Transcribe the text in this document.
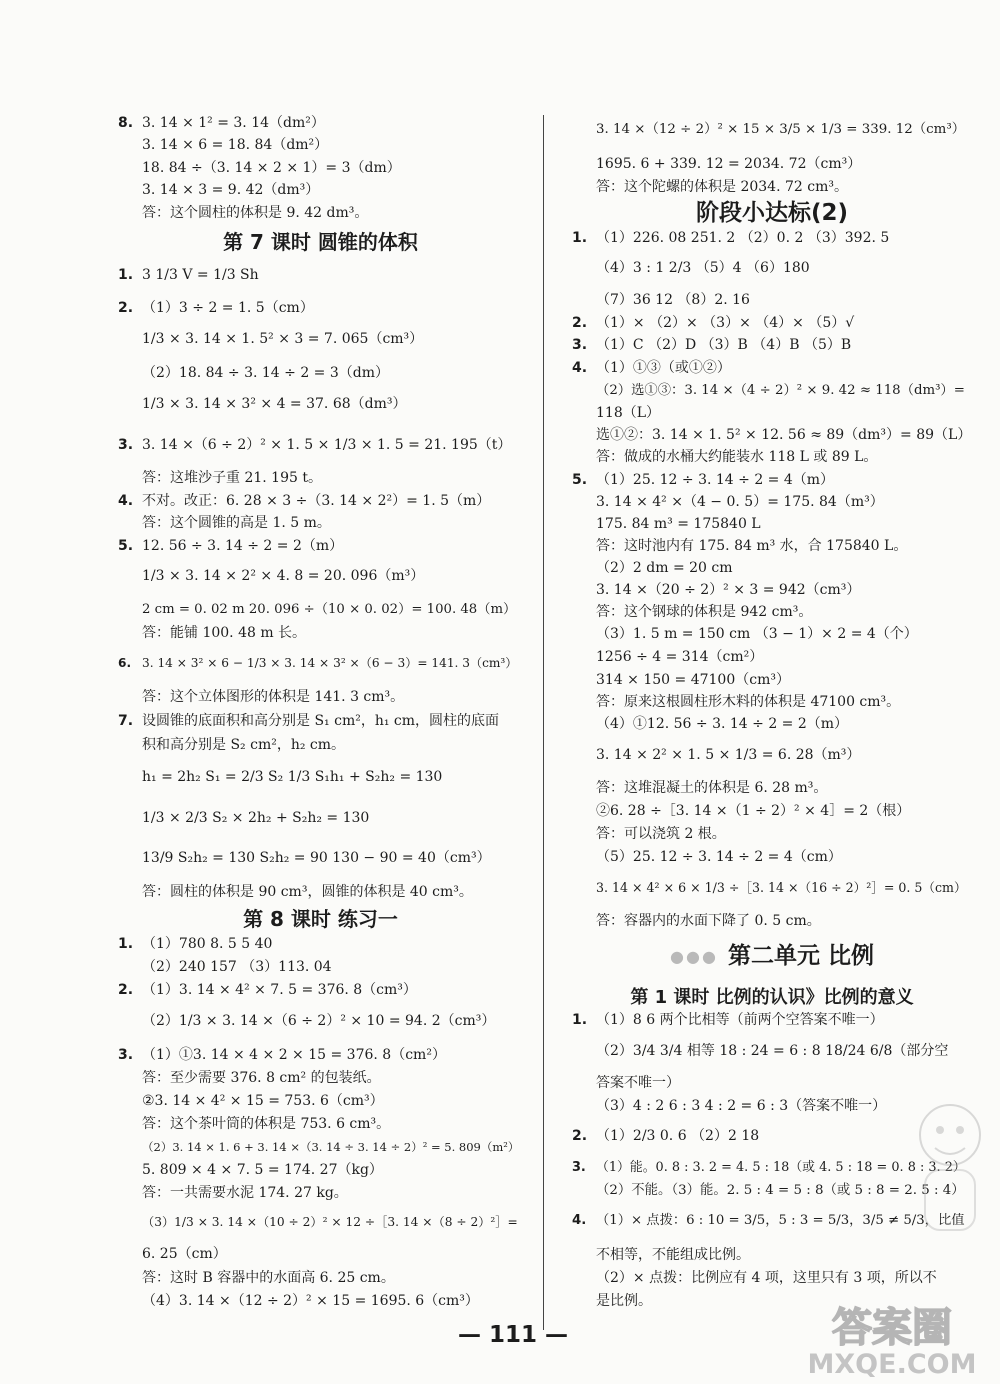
8. 3. 14 × 1² = 3. 14（dm²）
3. 14 × 6 = 18. 84（dm²）
18. 84 ÷（3. 14 × 2 × 1）= 3（dm）
3. 14 × 3 = 9. 42（dm³）
答：这个圆柱的体积是 9. 42 dm³。
第 7 课时 圆锥的体积
1. 3 1/3 V = 1/3 Sh
2. （1）3 ÷ 2 = 1. 5（cm）
1/3 × 3. 14 × 1. 5² × 3 = 7. 065（cm³）
（2）18. 84 ÷ 3. 14 ÷ 2 = 3（dm）
1/3 × 3. 14 × 3² × 4 = 37. 68（dm³）
3. 3. 14 ×（6 ÷ 2）² × 1. 5 × 1/3 × 1. 5 = 21. 195（t）
答：这堆沙子重 21. 195 t。
4. 不对。改正：6. 28 × 3 ÷（3. 14 × 2²）= 1. 5（m）
答：这个圆锥的高是 1. 5 m。
5. 12. 56 ÷ 3. 14 ÷ 2 = 2（m）
1/3 × 3. 14 × 2² × 4. 8 = 20. 096（m³）
2 cm = 0. 02 m 20. 096 ÷（10 × 0. 02）= 100. 48（m）
答：能铺 100. 48 m 长。
6. 3. 14 × 3² × 6 − 1/3 × 3. 14 × 3² ×（6 − 3）= 141. 3（cm³）
答：这个立体图形的体积是 141. 3 cm³。
7. 设圆锥的底面积和高分别是 S₁ cm²，h₁ cm，圆柱的底面
积和高分别是 S₂ cm²，h₂ cm。
h₁ = 2h₂ S₁ = 2/3 S₂ 1/3 S₁h₁ + S₂h₂ = 130
1/3 × 2/3 S₂ × 2h₂ + S₂h₂ = 130
13/9 S₂h₂ = 130 S₂h₂ = 90 130 − 90 = 40（cm³）
答：圆柱的体积是 90 cm³，圆锥的体积是 40 cm³。
第 8 课时 练习一
1. （1）780 8. 5 5 40
（2）240 157 （3）113. 04
2. （1）3. 14 × 4² × 7. 5 = 376. 8（cm³）
（2）1/3 × 3. 14 ×（6 ÷ 2）² × 10 = 94. 2（cm³）
3. （1）①3. 14 × 4 × 2 × 15 = 376. 8（cm²）
答：至少需要 376. 8 cm² 的包装纸。
②3. 14 × 4² × 15 = 753. 6（cm³）
答：这个茶叶筒的体积是 753. 6 cm³。
（2）3. 14 × 1. 6 + 3. 14 ×（3. 14 ÷ 3. 14 ÷ 2）² = 5. 809（m²）
5. 809 × 4 × 7. 5 = 174. 27（kg）
答：一共需要水泥 174. 27 kg。
（3）1/3 × 3. 14 ×（10 ÷ 2）² × 12 ÷［3. 14 ×（8 ÷ 2）²］=
6. 25（cm）
答：这时 B 容器中的水面高 6. 25 cm。
（4）3. 14 ×（12 ÷ 2）² × 15 = 1695. 6（cm³）
3. 14 ×（12 ÷ 2）² × 15 × 3/5 × 1/3 = 339. 12（cm³）
1695. 6 + 339. 12 = 2034. 72（cm³）
答：这个陀螺的体积是 2034. 72 cm³。
阶段小达标(2)
1. （1）226. 08 251. 2 （2）0. 2 （3）392. 5
（4）3 : 1 2/3 （5）4 （6）180
（7）36 12 （8）2. 16
2. （1）× （2）× （3）× （4）× （5）√
3. （1）C （2）D （3）B （4）B （5）B
4. （1）①③（或①②）
（2）选①③：3. 14 ×（4 ÷ 2）² × 9. 42 ≈ 118（dm³）=
118（L）
选①②：3. 14 × 1. 5² × 12. 56 ≈ 89（dm³）= 89（L）
答：做成的水桶大约能装水 118 L 或 89 L。
5. （1）25. 12 ÷ 3. 14 ÷ 2 = 4（m）
3. 14 × 4² ×（4 − 0. 5）= 175. 84（m³）
175. 84 m³ = 175840 L
答：这时池内有 175. 84 m³ 水，合 175840 L。
（2）2 dm = 20 cm
3. 14 ×（20 ÷ 2）² × 3 = 942（cm³）
答：这个钢球的体积是 942 cm³。
（3）1. 5 m = 150 cm （3 − 1）× 2 = 4（个）
1256 ÷ 4 = 314（cm²）
314 × 150 = 47100（cm³）
答：原来这根圆柱形木料的体积是 47100 cm³。
（4）①12. 56 ÷ 3. 14 ÷ 2 = 2（m）
3. 14 × 2² × 1. 5 × 1/3 = 6. 28（m³）
答：这堆混凝土的体积是 6. 28 m³。
②6. 28 ÷［3. 14 ×（1 ÷ 2）² × 4］= 2（根）
答：可以浇筑 2 根。
（5）25. 12 ÷ 3. 14 ÷ 2 = 4（cm）
3. 14 × 4² × 6 × 1/3 ÷［3. 14 ×（16 ÷ 2）²］= 0. 5（cm）
答：容器内的水面下降了 0. 5 cm。
●●● 第二单元 比例
第 1 课时 比例的认识》比例的意义
1. （1）8 6 两个比相等（前两个空答案不唯一）
（2）3/4 3/4 相等 18 : 24 = 6 : 8 18/24 6/8（部分空
答案不唯一）
（3）4 : 2 6 : 3 4 : 2 = 6 : 3（答案不唯一）
2. （1）2/3 0. 6 （2）2 18
3. （1）能。0. 8 : 3. 2 = 4. 5 : 18（或 4. 5 : 18 = 0. 8 : 3. 2）
（2）不能。（3）能。2. 5 : 4 = 5 : 8（或 5 : 8 = 2. 5 : 4）
4. （1）× 点拨：6 : 10 = 3/5，5 : 3 = 5/3，3/5 ≠ 5/3，比值
不相等，不能组成比例。
（2）× 点拨：比例应有 4 项，这里只有 3 项，所以不
是比例。
— 111 —	答案圈
MXQE.COM
